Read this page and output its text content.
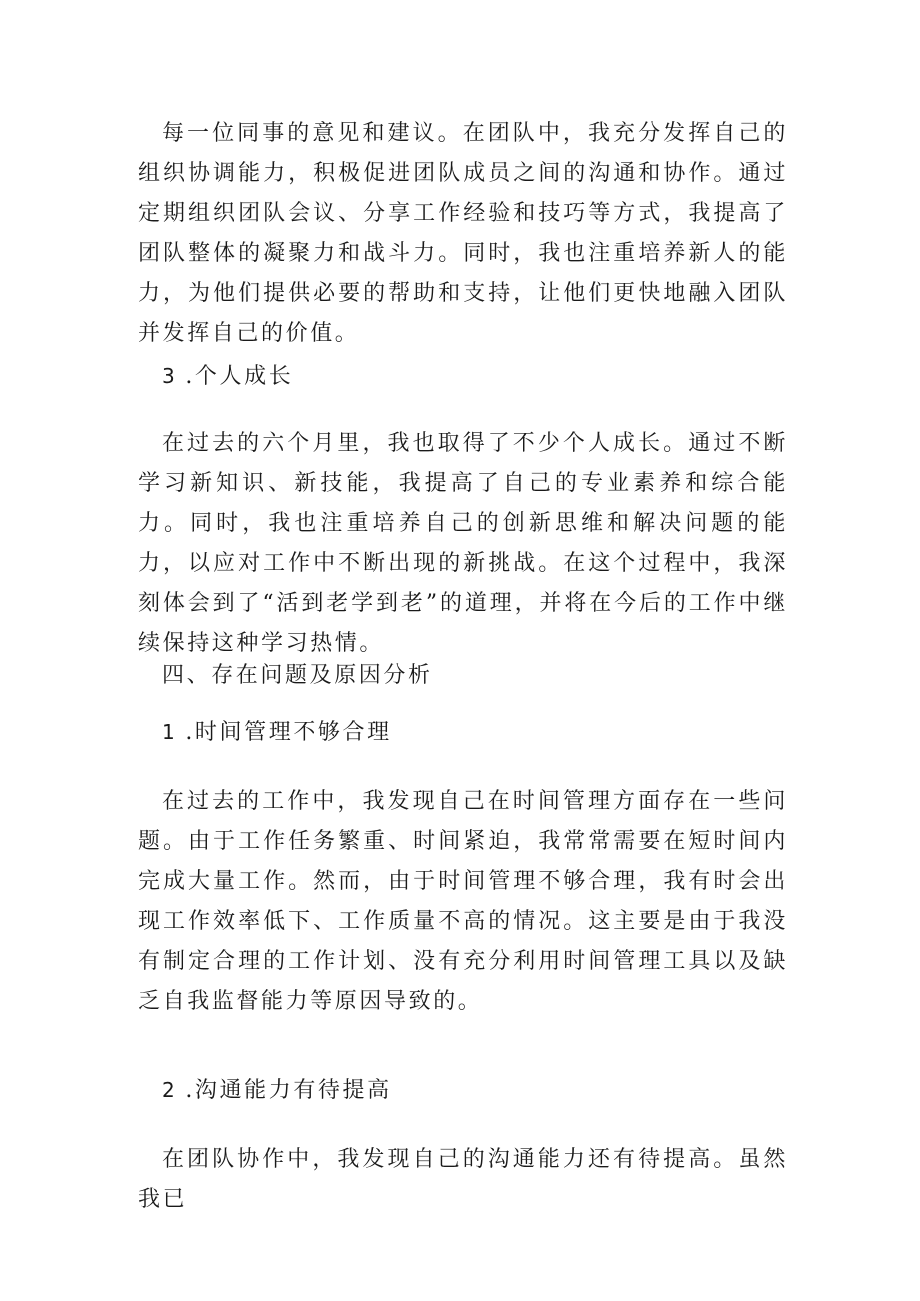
每一位同事的意见和建议。在团队中，我充分发挥自己的组织协调能力，积极促进团队成员之间的沟通和协作。通过定期组织团队会议、分享工作经验和技巧等方式，我提高了团队整体的凝聚力和战斗力。同时，我也注重培养新人的能力，为他们提供必要的帮助和支持，让他们更快地融入团队并发挥自己的价值。

3 .个人成长

在过去的六个月里，我也取得了不少个人成长。通过不断学习新知识、新技能，我提高了自己的专业素养和综合能力。同时，我也注重培养自己的创新思维和解决问题的能力，以应对工作中不断出现的新挑战。在这个过程中，我深刻体会到了“活到老学到老”的道理，并将在今后的工作中继续保持这种学习热情。

四、存在问题及原因分析
1 .时间管理不够合理

在过去的工作中，我发现自己在时间管理方面存在一些问题。由于工作任务繁重、时间紧迫，我常常需要在短时间内完成大量工作。然而，由于时间管理不够合理，我有时会出现工作效率低下、工作质量不高的情况。这主要是由于我没有制定合理的工作计划、没有充分利用时间管理工具以及缺乏自我监督能力等原因导致的。

2 .沟通能力有待提高

在团队协作中，我发现自己的沟通能力还有待提高。虽然我已
